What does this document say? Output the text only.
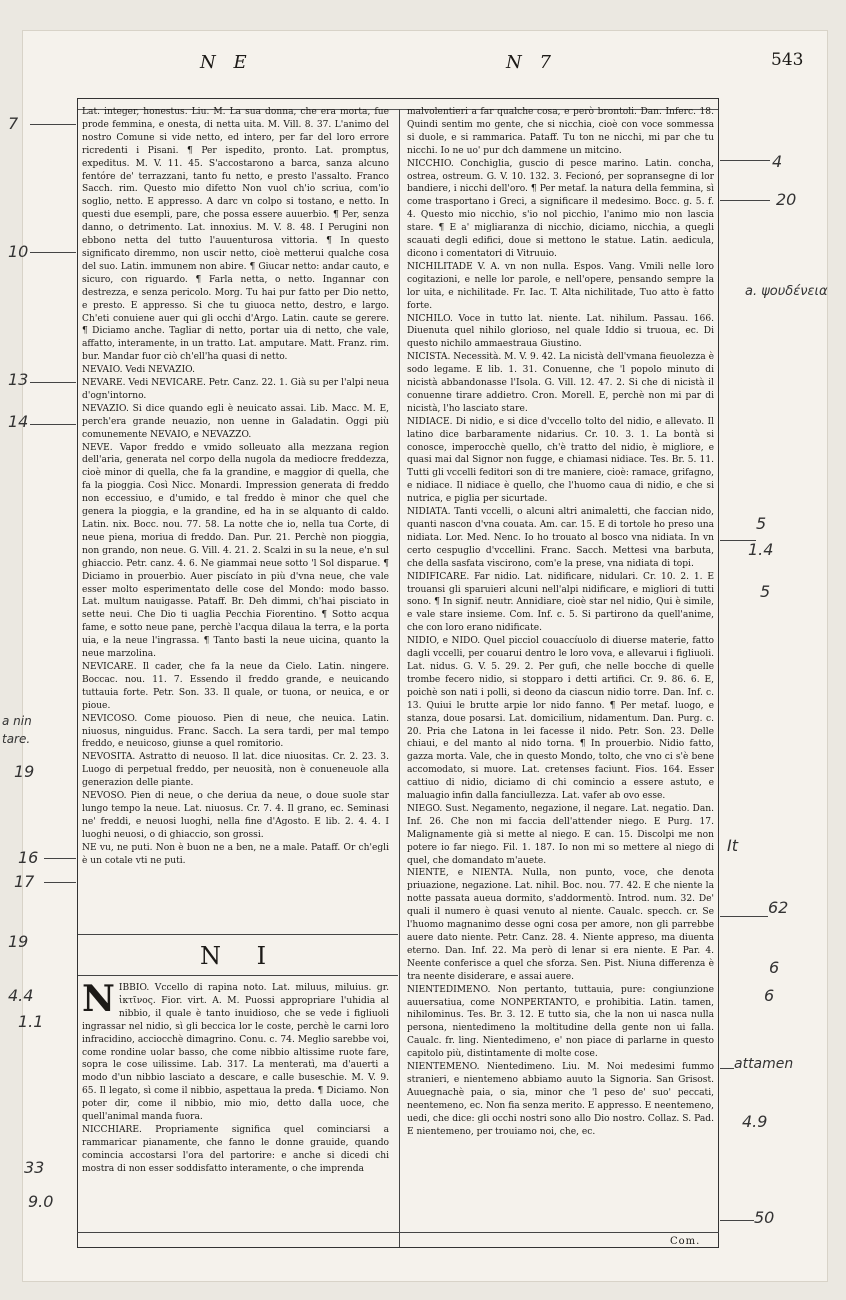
N E	N 7	543

Lat. integer, honestus. Liu. M. La sua donna, che era morta, fue prode femmina, e onesta, di netta uita. M. Vill. 8. 37. L'animo del nostro Comune si vide netto, ed intero, per far del loro errore ricredenti i Pisani. ¶ Per ispedito, pronto. Lat. promptus, expeditus. M. V. 11. 45. S'accostarono a barca, sanza alcuno fentóre de' terrazzani, tanto fu netto, e presto l'assalto. Franco Sacch. rim. Questo mio difetto Non vuol ch'io scriua, com'io soglio, netto. E appresso. A darc vn colpo si tostano, e netto. In questi due esempli, pare, che possa essere auuerbio. ¶ Per, senza danno, o detrimento. Lat. innoxius. M. V. 8. 48. I Perugini non ebbono netta del tutto l'auuenturosa vittoria. ¶ In questo significato diremmo, non uscir netto, cioè metterui qualche cosa del suo. Latin. immunem non abire. ¶ Giucar netto: andar cauto, e sicuro, con riguardo. ¶ Farla netta, o netto. Ingannar con destrezza, e senza pericolo. Morg. Tu hai pur fatto per Dio netto, e presto. E appresso. Si che tu giuoca netto, destro, e largo. Ch'eti conuiene auer qui gli occhi d'Argo. Latin. caute se gerere. ¶ Diciamo anche. Tagliar di netto, portar uia di netto, che vale, affatto, interamente, in un tratto. Lat. amputare. Matt. Franz. rim. bur. Mandar fuor ciò ch'ell'ha quasi di netto.

NEVAIO. Vedi NEVAZIO.

NEVARE. Vedi NEVICARE. Petr. Canz. 22. 1. Già su per l'alpi neua d'ogn'intorno.

NEVAZIO. Si dice quando egli è neuicato assai. Lib. Macc. M. E, perch'era grande neuazio, non uenne in Galadatin. Oggi più comunemente NEVAIO, e NEVAZZO.

NEVE. Vapor freddo e vmido solleuato alla mezzana region dell'aria, generata nel corpo della nugola da mediocre freddezza, cioè minor di quella, che fa la grandine, e maggior di quella, che fa la pioggia. Così Nicc. Monardi. Impression generata di freddo non eccessiuo, e d'umido, e tal freddo è minor che quel che genera la pioggia, e la grandine, ed ha in se alquanto di caldo. Latin. nix. Bocc. nou. 77. 58. La notte che io, nella tua Corte, di neue piena, moriua di freddo. Dan. Pur. 21. Perchè non pioggia, non grando, non neue. G. Vill. 4. 21. 2. Scalzi in su la neue, e'n sul ghiaccio. Petr. canz. 4. 6. Ne giammai neue sotto 'l Sol disparue. ¶ Diciamo in prouerbio. Auer piscíato in più d'vna neue, che vale esser molto esperimentato delle cose del Mondo: modo basso. Lat. multum nauigasse. Pataff. Br. Deh dimmi, ch'hai pisciato in sette neui. Che Dio ti uaglia Pecchia Fiorentino. ¶ Sotto acqua fame, e sotto neue pane, perchè l'acqua dilaua la terra, e la porta uia, e la neue l'ingrassa. ¶ Tanto basti la neue uicina, quanto la neue marzolina.

NEVICARE. Il cader, che fa la neue da Cielo. Latin. ningere. Boccac. nou. 11. 7. Essendo il freddo grande, e neuicando tuttauia forte. Petr. Son. 33. Il quale, or tuona, or neuica, e or pioue.

NEVICOSO. Come piouoso. Pien di neue, che neuica. Latin. niuosus, ninguidus. Franc. Sacch. La sera tardi, per mal tempo freddo, e neuicoso, giunse a quel romitorio.

NEVOSITA. Astratto di neuoso. Il lat. dice niuositas. Cr. 2. 23. 3. Luogo di perpetual freddo, per neuosità, non è conueneuole alla generazion delle piante.

NEVOSO. Pien di neue, o che deriua da neue, o doue suole star lungo tempo la neue. Lat. niuosus. Cr. 7. 4. Il grano, ec. Seminasi ne' freddi, e neuosi luoghi, nella fine d'Agosto. E lib. 2. 4. 4. I luoghi neuosi, o di ghiaccio, son grossi.

NE vu, ne puti. Non è buon ne a ben, ne a male. Pataff. Or ch'egli è un cotale vti ne puti.

N I

NIBBIO. Vccello di rapina noto. Lat. miluus, miluius. gr. ἰκτῖνος. Fior. virt. A. M. Puossi appropriare l'uhidia al nibbio, il quale è tanto inuidioso, che se vede i figliuoli ingrassar nel nidio, sì gli beccica lor le coste, perchè le carni loro infracidino, acciocchè dimagrino. Conu. c. 74. Meglio sarebbe voi, come rondine uolar basso, che come nibbio altissime ruote fare, sopra le cose uilissime. Lab. 317. La menteratì, ma d'auerti a modo d'un nibbio lasciato a descare, e calle buseschie. M. V. 9. 65. Il legato, sì come il nibbio, aspettaua la preda. ¶ Diciamo. Non poter dir, come il nibbio, mio mio, detto dalla uoce, che quell'animal manda fuora.

NICCHIARE. Propriamente significa quel cominciarsi a rammaricar pianamente, che fanno le donne grauide, quando comincia accostarsi l'ora del partorire: e anche si dicedi chi mostra di non esser soddisfatto interamente, o che imprenda

malvolentieri a far qualche cosa, e però brontoli. Dan. Inferc. 18. Quindi sentim mo gente, che si nicchia, cioè con voce sommessa si duole, e si rammarica. Pataff. Tu ton ne nicchi, mi par che tu nicchi. Io ne uo' pur dch dammene un mitcino.

NICCHIO. Conchiglia, guscio di pesce marino. Latin. concha, ostrea, ostreum. G. V. 10. 132. 3. Fecionó, per sopransegne di lor bandiere, i nicchi dell'oro. ¶ Per metaf. la natura della femmina, sì come trasportano i Greci, a significare il medesimo. Bocc. g. 5. f. 4. Questo mio nicchio, s'io nol picchio, l'animo mio non lascia stare. ¶ E a' migliaranza di nicchio, diciamo, nicchia, a quegli scauati degli edifici, doue si mettono le statue. Latin. aedicula, dicono i comentatori di Vitruuio.

NICHILITADE V. A. vn non nulla. Espos. Vang. Vmili nelle loro cogitazioni, e nelle lor parole, e nell'opere, pensando sempre la lor uita, e nichilitade. Fr. Iac. T. Alta nichilitade, Tuo atto è fatto forte.

NICHILO. Voce in tutto lat. niente. Lat. nihilum. Passau. 166. Diuenuta quel nihilo glorioso, nel quale Iddio si truoua, ec. Di questo nichilo ammaestraua Giustino.

NICISTA. Necessità. M. V. 9. 42. La nicistà dell'vmana fieuolezza è sodo legame. E lib. 1. 31. Conuenne, che 'l popolo minuto di nicistà abbandonasse l'Isola. G. Vill. 12. 47. 2. Si che di nicistà il conuenne tirare addietro. Cron. Morell. E, perchè non mi par di nicistà, l'ho lasciato stare.

NIDIACE. Di nidio, e si dice d'vccello tolto del nidio, e allevato. Il latino dice barbaramente nidarius. Cr. 10. 3. 1. La bontà si conosce, imperocchè quello, ch'è tratto del nidio, è migliore, e quasi mai dal Signor non fugge, e chiamasi nidiace. Tes. Br. 5. 11. Tutti gli vccelli feditori son di tre maniere, cioè: ramace, grifagno, e nidiace. Il nidiace è quello, che l'huomo caua di nidio, e che si nutrica, e piglia per sicurtade.

NIDIATA. Tanti vccelli, o alcuni altri animaletti, che faccian nido, quanti nascon d'vna couata. Am. car. 15. E di tortole ho preso una nidiata. Lor. Med. Nenc. Io ho trouato al bosco vna nidiata. In vn certo cespuglio d'vccellini. Franc. Sacch. Mettesi vna barbuta, che della sasfata viscirono, com'e la prese, vna nidiata di topi.

NIDIFICARE. Far nidio. Lat. nidificare, nidulari. Cr. 10. 2. 1. E trouansi gli sparuieri alcuni nell'alpi nidificare, e migliori di tutti sono. ¶ In signif. neutr. Annidiare, cioè star nel nidio, Qui è simile, e vale stare insieme. Com. Inf. c. 5. Si partirono da quell'anime, che con loro erano nidificate.

NIDIO, e NIDO. Quel picciol couaccíuolo di diuerse materie, fatto dagli vccelli, per couarui dentro le loro vova, e allevarui i figliuoli. Lat. nidus. G. V. 5. 29. 2. Per gufi, che nelle bocche di quelle trombe fecero nidio, si stopparo i detti artifici. Cr. 9. 86. 6. E, poichè son nati i polli, si deono da ciascun nidio torre. Dan. Inf. c. 13. Quiui le brutte arpie lor nido fanno. ¶ Per metaf. luogo, e stanza, doue posarsi. Lat. domicilium, nidamentum. Dan. Purg. c. 20. Pria che Latona in lei facesse il nido. Petr. Son. 23. Delle chiaui, e del manto al nido torna. ¶ In prouerbio. Nidio fatto, gazza morta. Vale, che in questo Mondo, tolto, che vno ci s'è bene accomodato, si muore. Lat. cretenses faciunt. Fios. 164. Esser cattiuo di nidio, diciamo di chi comincio a essere astuto, e maluagio infin dalla fanciullezza. Lat. vafer ab ovo esse.

NIEGO. Sust. Negamento, negazione, il negare. Lat. negatio. Dan. Inf. 26. Che non mi faccia dell'attender niego. E Purg. 17. Malignamente già si mette al niego. E can. 15. Discolpi me non potere io far niego. Fil. 1. 187. Io non mi so mettere al niego di quel, che domandato m'auete.

NIENTE, e NIENTA. Nulla, non punto, voce, che denota priuazione, negazione. Lat. nihil. Boc. nou. 77. 42. E che niente la notte passata aueua dormito, s'addormentò. Introd. num. 32. De' quali il numero è quasi venuto al niente. Caualc. specch. cr. Se l'huomo magnanimo desse ogni cosa per amore, non gli parrebbe auere dato niente. Petr. Canz. 28. 4. Niente appreso, ma diuenta eterno. Dan. Inf. 22. Ma però di lenar si era niente. E Par. 4. Neente conferisce a quel che sforza. Sen. Pist. Niuna differenza è tra neente disiderare, e assai auere.

NIENTEDIMENO. Non pertanto, tuttauia, pure: congiunzione auuersatiua, come NONPERTANTO, e prohibitia. Latin. tamen, nihilominus. Tes. Br. 3. 12. E tutto sia, che la non ui nasca nulla persona, nientedimeno la moltitudine della gente non ui falla. Caualc. fr. ling. Nientedimeno, e' non piace di parlarne in questo capitolo più, distintamente di molte cose.

NIENTEMENO. Nientedimeno. Liu. M. Noi medesimi fummo stranieri, e nientemeno abbiamo auuto la Signoria. San Grisost. Auuegnachè paia, o sia, minor che 'l peso de' suo' peccati, neentemeno, ec. Non fia senza merito. E appresso. E neentemeno, uedi, che dice: gli occhi nostri sono allo Dio nostro. Collaz. S. Pad. E nientemeno, per trouiamo noi, che, ec.

Com.
7
10
13
14
a nin tare.
19
16
17
19
4.4
1.1
33
9.0
4
20
a. ψουδένεια
5
1.4
5
It
62
6
6
attamen
4.9
50
